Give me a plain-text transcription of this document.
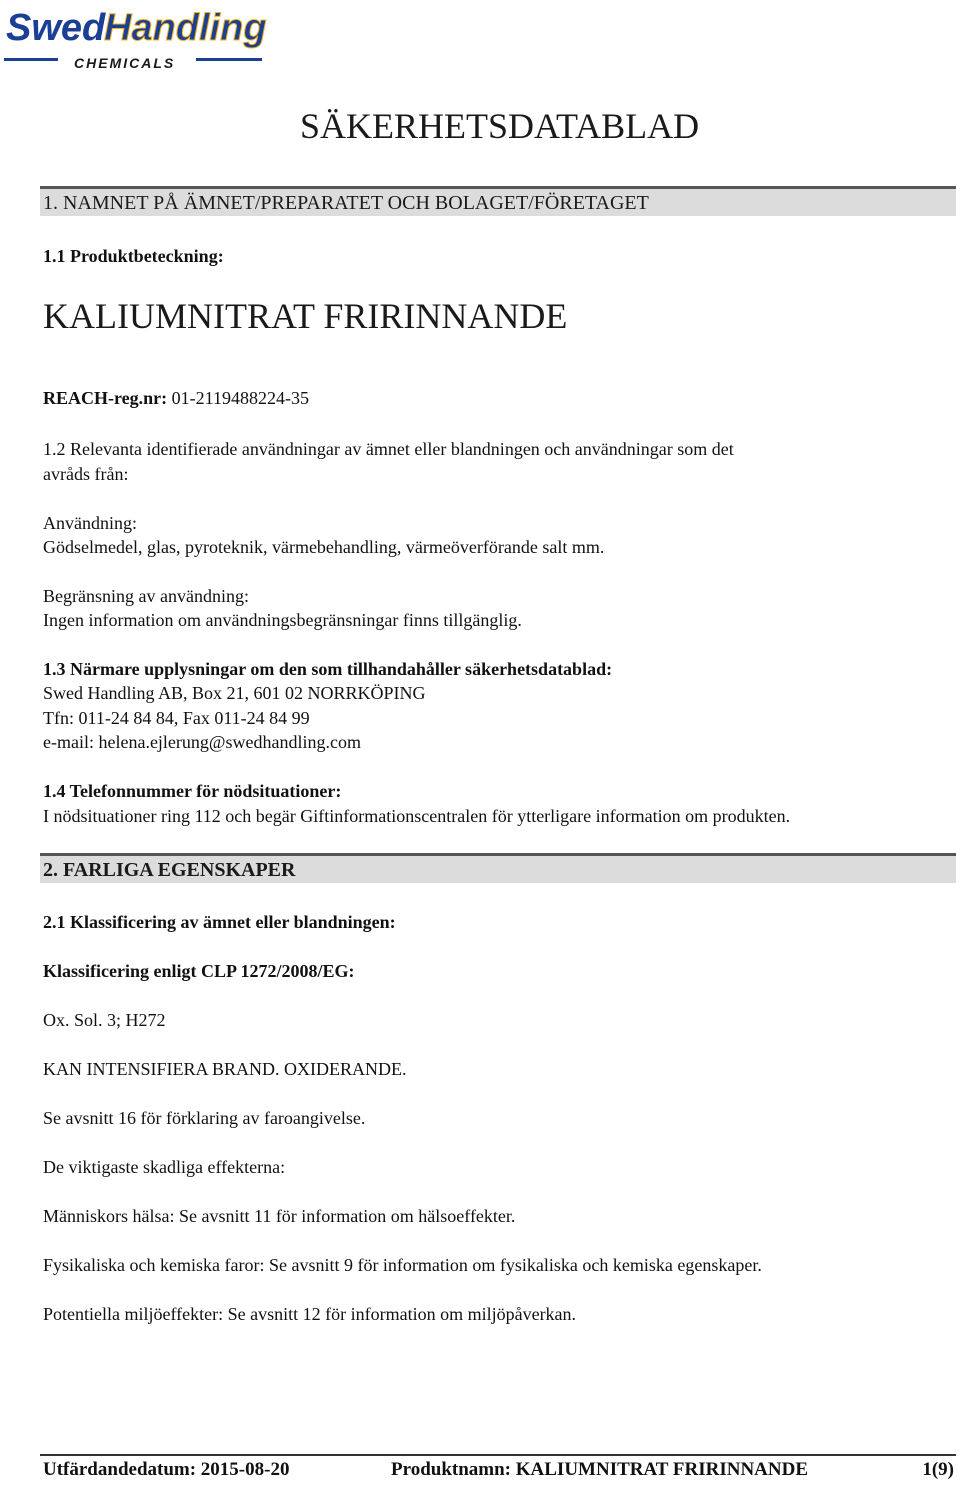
Swed
Handling
CHEMICALS
SÄKERHETSDATABLAD
1. NAMNET PÅ ÄMNET/PREPARATET OCH BOLAGET/FÖRETAGET
1.1 Produktbeteckning:
KALIUMNITRAT FRIRINNANDE
REACH-reg.nr: 01-2119488224-35
1.2 Relevanta identifierade användningar av ämnet eller blandningen och användningar som det
avråds från:
Användning:
Gödselmedel, glas, pyroteknik, värmebehandling, värmeöverförande salt mm.
Begränsning av användning:
Ingen information om användningsbegränsningar finns tillgänglig.
1.3 Närmare upplysningar om den som tillhandahåller säkerhetsdatablad:
Swed Handling AB, Box 21, 601 02 NORRKÖPING
Tfn: 011-24 84 84, Fax 011-24 84 99
e-mail: helena.ejlerung@swedhandling.com
1.4 Telefonnummer för nödsituationer:
I nödsituationer ring 112 och begär Giftinformationscentralen för ytterligare information om produkten.
2. FARLIGA EGENSKAPER
2.1 Klassificering av ämnet eller blandningen:
Klassificering enligt CLP 1272/2008/EG:
Ox. Sol. 3; H272
KAN INTENSIFIERA BRAND. OXIDERANDE.
Se avsnitt 16 för förklaring av faroangivelse.
De viktigaste skadliga effekterna:
Människors hälsa: Se avsnitt 11 för information om hälsoeffekter.
Fysikaliska och kemiska faror: Se avsnitt 9 för information om fysikaliska och kemiska egenskaper.
Potentiella miljöeffekter: Se avsnitt 12 för information om miljöpåverkan.
Utfärdandedatum: 2015-08-20	Produktnamn: KALIUMNITRAT FRIRINNANDE	1(9)
